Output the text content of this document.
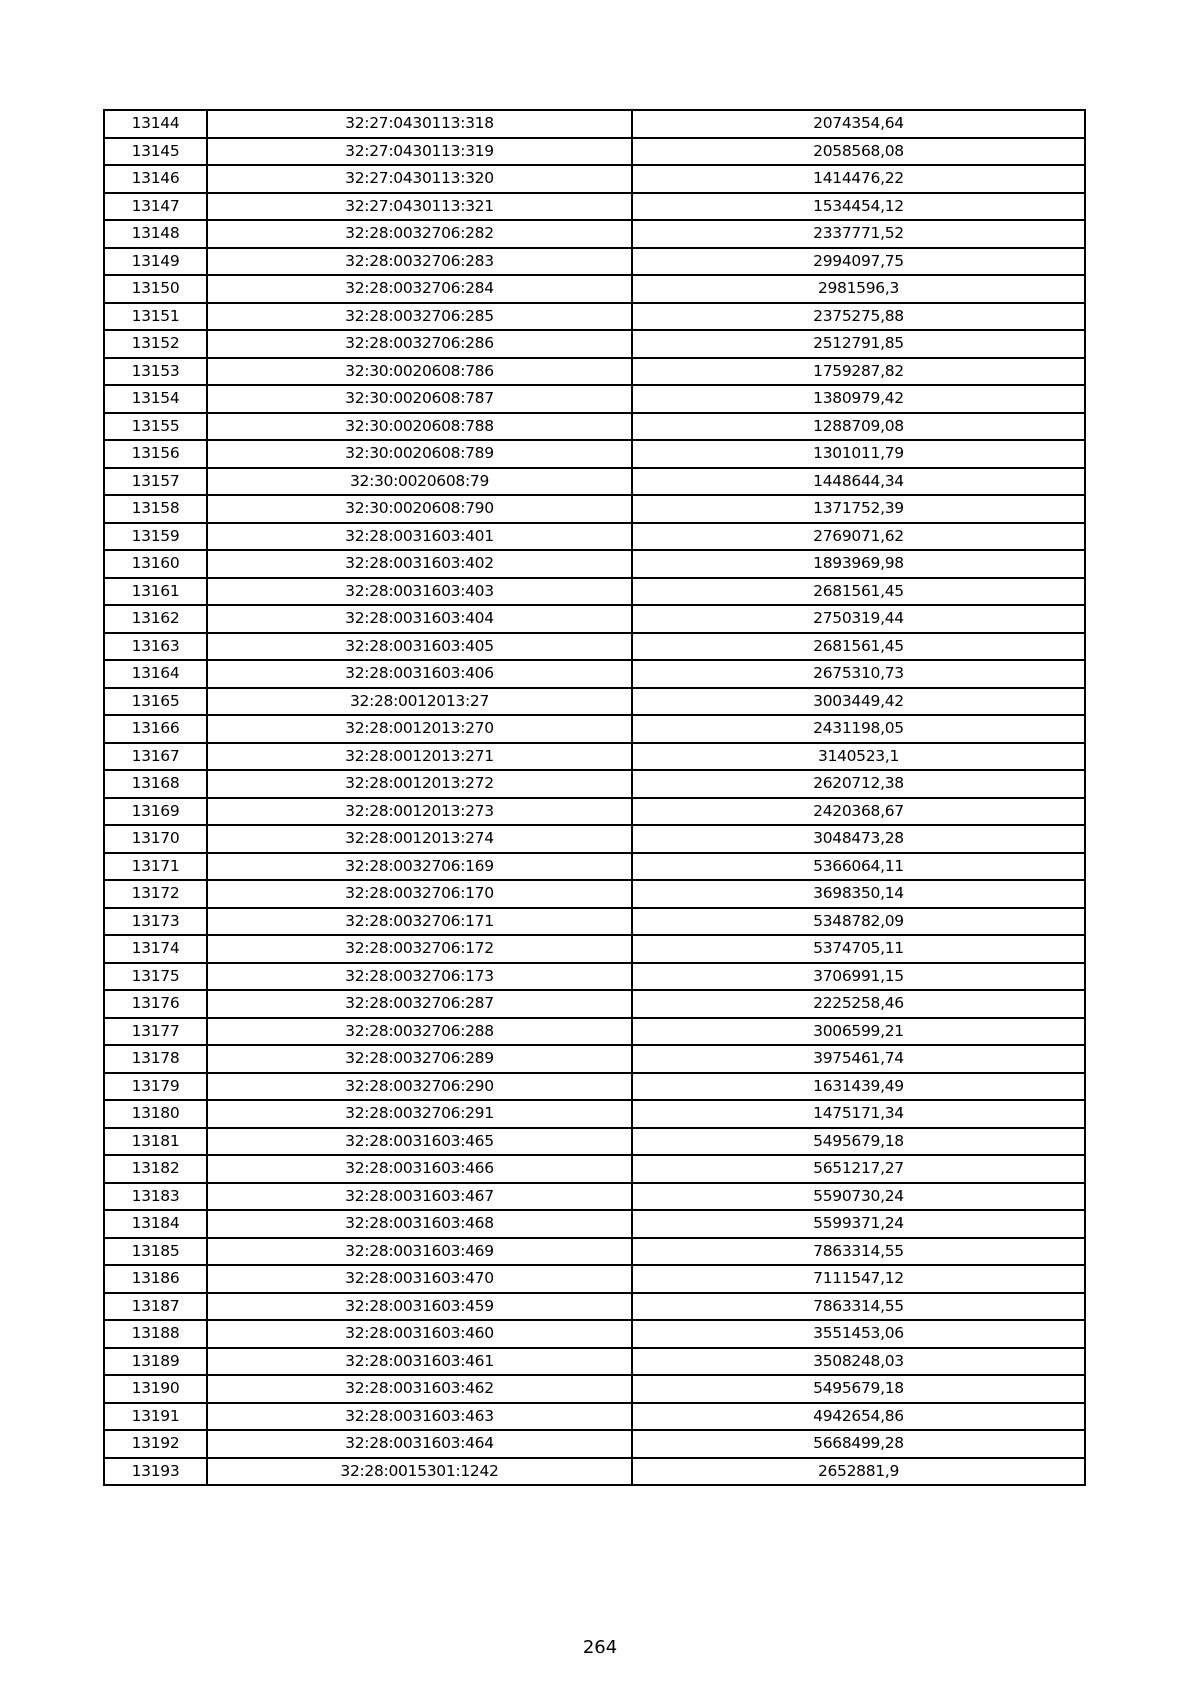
13144	32:27:0430113:318	2074354,64
13145	32:27:0430113:319	2058568,08
13146	32:27:0430113:320	1414476,22
13147	32:27:0430113:321	1534454,12
13148	32:28:0032706:282	2337771,52
13149	32:28:0032706:283	2994097,75
13150	32:28:0032706:284	2981596,3
13151	32:28:0032706:285	2375275,88
13152	32:28:0032706:286	2512791,85
13153	32:30:0020608:786	1759287,82
13154	32:30:0020608:787	1380979,42
13155	32:30:0020608:788	1288709,08
13156	32:30:0020608:789	1301011,79
13157	32:30:0020608:79	1448644,34
13158	32:30:0020608:790	1371752,39
13159	32:28:0031603:401	2769071,62
13160	32:28:0031603:402	1893969,98
13161	32:28:0031603:403	2681561,45
13162	32:28:0031603:404	2750319,44
13163	32:28:0031603:405	2681561,45
13164	32:28:0031603:406	2675310,73
13165	32:28:0012013:27	3003449,42
13166	32:28:0012013:270	2431198,05
13167	32:28:0012013:271	3140523,1
13168	32:28:0012013:272	2620712,38
13169	32:28:0012013:273	2420368,67
13170	32:28:0012013:274	3048473,28
13171	32:28:0032706:169	5366064,11
13172	32:28:0032706:170	3698350,14
13173	32:28:0032706:171	5348782,09
13174	32:28:0032706:172	5374705,11
13175	32:28:0032706:173	3706991,15
13176	32:28:0032706:287	2225258,46
13177	32:28:0032706:288	3006599,21
13178	32:28:0032706:289	3975461,74
13179	32:28:0032706:290	1631439,49
13180	32:28:0032706:291	1475171,34
13181	32:28:0031603:465	5495679,18
13182	32:28:0031603:466	5651217,27
13183	32:28:0031603:467	5590730,24
13184	32:28:0031603:468	5599371,24
13185	32:28:0031603:469	7863314,55
13186	32:28:0031603:470	7111547,12
13187	32:28:0031603:459	7863314,55
13188	32:28:0031603:460	3551453,06
13189	32:28:0031603:461	3508248,03
13190	32:28:0031603:462	5495679,18
13191	32:28:0031603:463	4942654,86
13192	32:28:0031603:464	5668499,28
13193	32:28:0015301:1242	2652881,9
264
